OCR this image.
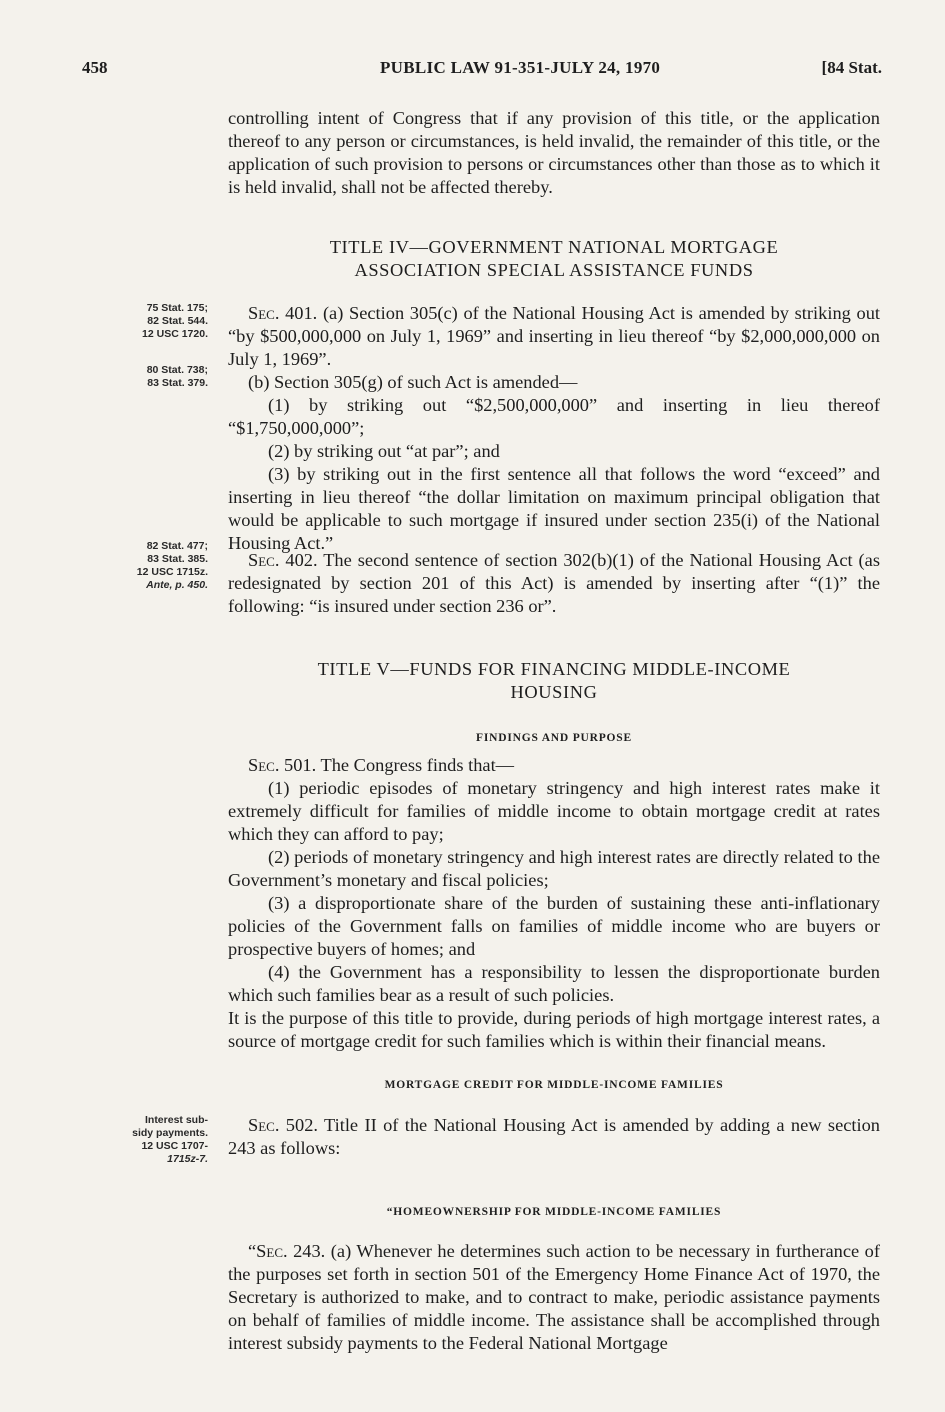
458	PUBLIC LAW 91-351-JULY 24, 1970	[84 Stat.

controlling intent of Congress that if any provision of this title, or the application thereof to any person or circumstances, is held invalid, the remainder of this title, or the application of such provision to persons or circumstances other than those as to which it is held invalid, shall not be affected thereby.

TITLE IV—GOVERNMENT NATIONAL MORTGAGE
ASSOCIATION SPECIAL ASSISTANCE FUNDS

Sec. 401. (a) Section 305(c) of the National Housing Act is amended by striking out “by $500,000,000 on July 1, 1969” and inserting in lieu thereof “by $2,000,000,000 on July 1, 1969”.

(b) Section 305(g) of such Act is amended—

(1) by striking out “$2,500,000,000” and inserting in lieu thereof “$1,750,000,000”;

(2) by striking out “at par”; and

(3) by striking out in the first sentence all that follows the word “exceed” and inserting in lieu thereof “the dollar limitation on maximum principal obligation that would be applicable to such mortgage if insured under section 235(i) of the National Housing Act.”

Sec. 402. The second sentence of section 302(b)(1) of the National Housing Act (as redesignated by section 201 of this Act) is amended by inserting after “(1)” the following: “is insured under section 236 or”.

TITLE V—FUNDS FOR FINANCING MIDDLE-INCOME
HOUSING
FINDINGS AND PURPOSE

Sec. 501. The Congress finds that—

(1) periodic episodes of monetary stringency and high interest rates make it extremely difficult for families of middle income to obtain mortgage credit at rates which they can afford to pay;

(2) periods of monetary stringency and high interest rates are directly related to the Government’s monetary and fiscal policies;

(3) a disproportionate share of the burden of sustaining these anti-inflationary policies of the Government falls on families of middle income who are buyers or prospective buyers of homes; and

(4) the Government has a responsibility to lessen the disproportionate burden which such families bear as a result of such policies.

It is the purpose of this title to provide, during periods of high mortgage interest rates, a source of mortgage credit for such families which is within their financial means.

MORTGAGE CREDIT FOR MIDDLE-INCOME FAMILIES

Sec. 502. Title II of the National Housing Act is amended by adding a new section 243 as follows:

“HOMEOWNERSHIP FOR MIDDLE-INCOME FAMILIES

“Sec. 243. (a) Whenever he determines such action to be necessary in furtherance of the purposes set forth in section 501 of the Emergency Home Finance Act of 1970, the Secretary is authorized to make, and to contract to make, periodic assistance payments on behalf of families of middle income. The assistance shall be accomplished through interest subsidy payments to the Federal National Mortgage

75 Stat. 175;
82 Stat. 544.
12 USC 1720.
80 Stat. 738;
83 Stat. 379.
82 Stat. 477;
83 Stat. 385.
12 USC 1715z.
Ante, p. 450.
Interest sub-
sidy payments.
12 USC 1707-
1715z-7.
